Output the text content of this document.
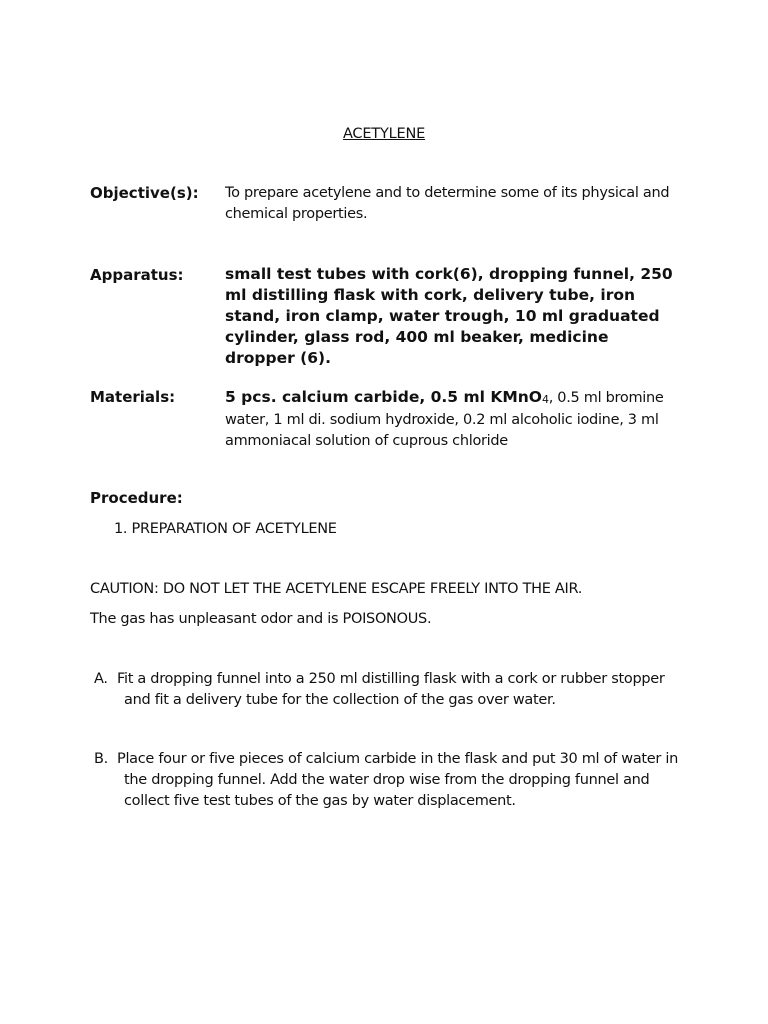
ACETYLENE
Objective(s): To prepare acetylene and to determine some of its physical and chemical properties.
Apparatus:	small test tubes with cork(6), dropping funnel, 250 ml distilling flask with cork, delivery tube, iron stand, iron clamp, water trough, 10 ml graduated cylinder, glass rod, 400 ml beaker, medicine dropper (6).
Materials:	5 pcs. calcium carbide, 0.5 ml KMnO4, 0.5 ml bromine water, 1 ml di. sodium hydroxide, 0.2 ml alcoholic iodine, 3 ml ammoniacal solution of cuprous chloride
Procedure:
1. PREPARATION OF ACETYLENE
CAUTION: DO NOT LET THE ACETYLENE ESCAPE FREELY INTO THE AIR.
The gas has unpleasant odor and is POISONOUS.
A. Fit a dropping funnel into a 250 ml distilling flask with a cork or rubber stopper and fit a delivery tube for the collection of the gas over water.
B. Place four or five pieces of calcium carbide in the flask and put 30 ml of water in the dropping funnel. Add the water drop wise from the dropping funnel and collect five test tubes of the gas by water displacement.
